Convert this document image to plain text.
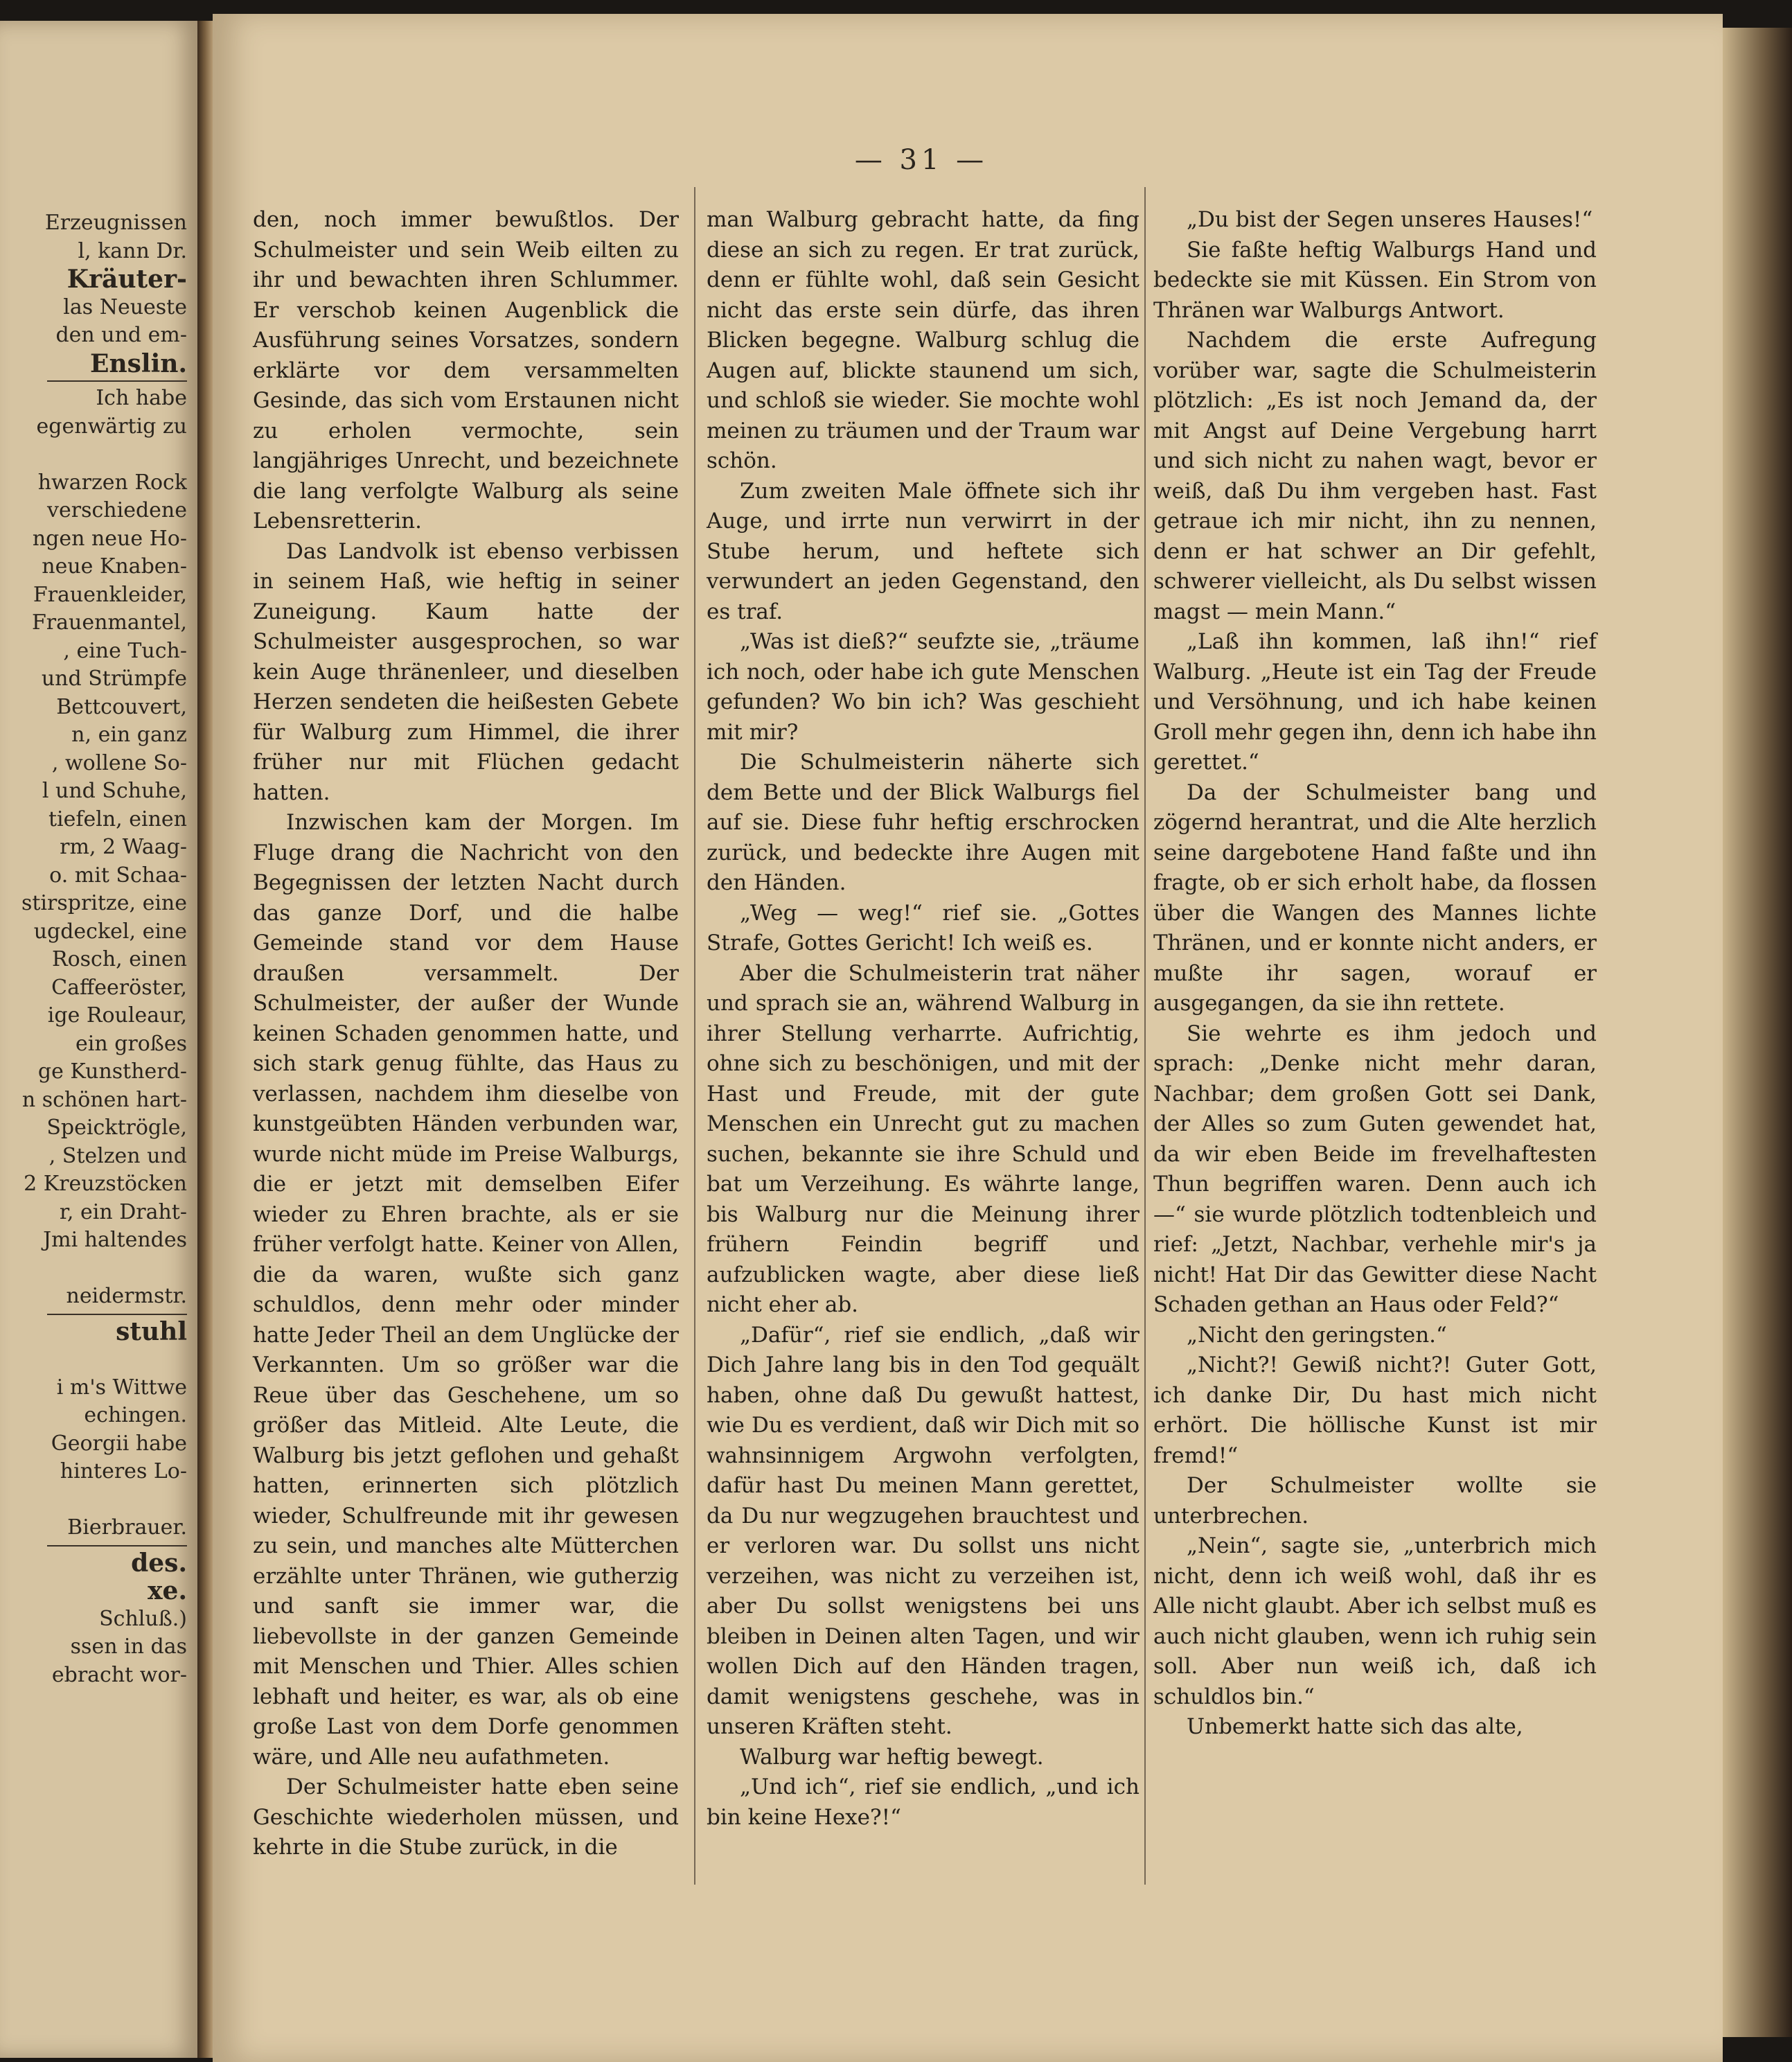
Erzeugnissen
l, kann Dr.
Kräuter-
las Neueste
den und em-
Enslin.
Ich habe
egenwärtig zu
hwarzen Rock
verschiedene
ngen neue Ho-
neue Knaben-
Frauenkleider,
Frauenmantel,
, eine Tuch-
und Strümpfe
Bettcouvert,
n, ein ganz
, wollene So-
l und Schuhe,
tiefeln, einen
rm, 2 Waag-
o. mit Schaa-
stirspritze, eine
ugdeckel, eine
Rosch, einen
Caffeeröster,
ige Rouleaur,
ein großes
ge Kunstherd-
n schönen hart-
Speicktrögle,
, Stelzen und
2 Kreuzstöcken
r, ein Draht-
Jmi haltendes
neidermstr.
stuhl
i m's Wittwe
echingen.
Georgii habe
hinteres Lo-
Bierbrauer.
des.
xe.
Schluß.)
ssen in das
ebracht wor-
— 31 —

den, noch immer bewußtlos. Der Schulmeister und sein Weib eilten zu ihr und bewachten ihren Schlummer. Er verschob keinen Augenblick die Ausführung seines Vorsatzes, sondern erklärte vor dem versammelten Gesinde, das sich vom Erstaunen nicht zu erholen vermochte, sein langjähriges Unrecht, und bezeichnete die lang verfolgte Walburg als seine Lebensretterin.

Das Landvolk ist ebenso verbissen in seinem Haß, wie heftig in seiner Zuneigung. Kaum hatte der Schulmeister ausgesprochen, so war kein Auge thränenleer, und dieselben Herzen sendeten die heißesten Gebete für Walburg zum Himmel, die ihrer früher nur mit Flüchen gedacht hatten.

Inzwischen kam der Morgen. Im Fluge drang die Nachricht von den Begegnissen der letzten Nacht durch das ganze Dorf, und die halbe Gemeinde stand vor dem Hause draußen versammelt. Der Schulmeister, der außer der Wunde keinen Schaden genommen hatte, und sich stark genug fühlte, das Haus zu verlassen, nachdem ihm dieselbe von kunstgeübten Händen verbunden war, wurde nicht müde im Preise Walburgs, die er jetzt mit demselben Eifer wieder zu Ehren brachte, als er sie früher verfolgt hatte. Keiner von Allen, die da waren, wußte sich ganz schuldlos, denn mehr oder minder hatte Jeder Theil an dem Unglücke der Verkannten. Um so größer war die Reue über das Geschehene, um so größer das Mitleid. Alte Leute, die Walburg bis jetzt geflohen und gehaßt hatten, erinnerten sich plötzlich wieder, Schulfreunde mit ihr gewesen zu sein, und manches alte Mütterchen erzählte unter Thränen, wie gutherzig und sanft sie immer war, die liebevollste in der ganzen Gemeinde mit Menschen und Thier. Alles schien lebhaft und heiter, es war, als ob eine große Last von dem Dorfe genommen wäre, und Alle neu aufathmeten.

Der Schulmeister hatte eben seine Geschichte wiederholen müssen, und kehrte in die Stube zurück, in die

man Walburg gebracht hatte, da fing diese an sich zu regen. Er trat zurück, denn er fühlte wohl, daß sein Gesicht nicht das erste sein dürfe, das ihren Blicken begegne. Walburg schlug die Augen auf, blickte staunend um sich, und schloß sie wieder. Sie mochte wohl meinen zu träumen und der Traum war schön.

Zum zweiten Male öffnete sich ihr Auge, und irrte nun verwirrt in der Stube herum, und heftete sich verwundert an jeden Gegenstand, den es traf.

„Was ist dieß?“ seufzte sie, „träume ich noch, oder habe ich gute Menschen gefunden? Wo bin ich? Was geschieht mit mir?

Die Schulmeisterin näherte sich dem Bette und der Blick Walburgs fiel auf sie. Diese fuhr heftig erschrocken zurück, und bedeckte ihre Augen mit den Händen.

„Weg — weg!“ rief sie. „Gottes Strafe, Gottes Gericht! Ich weiß es.

Aber die Schulmeisterin trat näher und sprach sie an, während Walburg in ihrer Stellung verharrte. Aufrichtig, ohne sich zu beschönigen, und mit der Hast und Freude, mit der gute Menschen ein Unrecht gut zu machen suchen, bekannte sie ihre Schuld und bat um Verzeihung. Es währte lange, bis Walburg nur die Meinung ihrer frühern Feindin begriff und aufzublicken wagte, aber diese ließ nicht eher ab.

„Dafür“, rief sie endlich, „daß wir Dich Jahre lang bis in den Tod gequält haben, ohne daß Du gewußt hattest, wie Du es verdient, daß wir Dich mit so wahnsinnigem Argwohn verfolgten, dafür hast Du meinen Mann gerettet, da Du nur wegzugehen brauchtest und er verloren war. Du sollst uns nicht verzeihen, was nicht zu verzeihen ist, aber Du sollst wenigstens bei uns bleiben in Deinen alten Tagen, und wir wollen Dich auf den Händen tragen, damit wenigstens geschehe, was in unseren Kräften steht.

Walburg war heftig bewegt.

„Und ich“, rief sie endlich, „und ich bin keine Hexe?!“

„Du bist der Segen unseres Hauses!“

Sie faßte heftig Walburgs Hand und bedeckte sie mit Küssen. Ein Strom von Thränen war Walburgs Antwort.

Nachdem die erste Aufregung vorüber war, sagte die Schulmeisterin plötzlich: „Es ist noch Jemand da, der mit Angst auf Deine Vergebung harrt und sich nicht zu nahen wagt, bevor er weiß, daß Du ihm vergeben hast. Fast getraue ich mir nicht, ihn zu nennen, denn er hat schwer an Dir gefehlt, schwerer vielleicht, als Du selbst wissen magst — mein Mann.“

„Laß ihn kommen, laß ihn!“ rief Walburg. „Heute ist ein Tag der Freude und Versöhnung, und ich habe keinen Groll mehr gegen ihn, denn ich habe ihn gerettet.“

Da der Schulmeister bang und zögernd herantrat, und die Alte herzlich seine dargebotene Hand faßte und ihn fragte, ob er sich erholt habe, da flossen über die Wangen des Mannes lichte Thränen, und er konnte nicht anders, er mußte ihr sagen, worauf er ausgegangen, da sie ihn rettete.

Sie wehrte es ihm jedoch und sprach: „Denke nicht mehr daran, Nachbar; dem großen Gott sei Dank, der Alles so zum Guten gewendet hat, da wir eben Beide im frevelhaftesten Thun begriffen waren. Denn auch ich —“ sie wurde plötzlich todtenbleich und rief: „Jetzt, Nachbar, verhehle mir's ja nicht! Hat Dir das Gewitter diese Nacht Schaden gethan an Haus oder Feld?“

„Nicht den geringsten.“

„Nicht?! Gewiß nicht?! Guter Gott, ich danke Dir, Du hast mich nicht erhört. Die höllische Kunst ist mir fremd!“

Der Schulmeister wollte sie unterbrechen.

„Nein“, sagte sie, „unterbrich mich nicht, denn ich weiß wohl, daß ihr es Alle nicht glaubt. Aber ich selbst muß es auch nicht glauben, wenn ich ruhig sein soll. Aber nun weiß ich, daß ich schuldlos bin.“

Unbemerkt hatte sich das alte,
